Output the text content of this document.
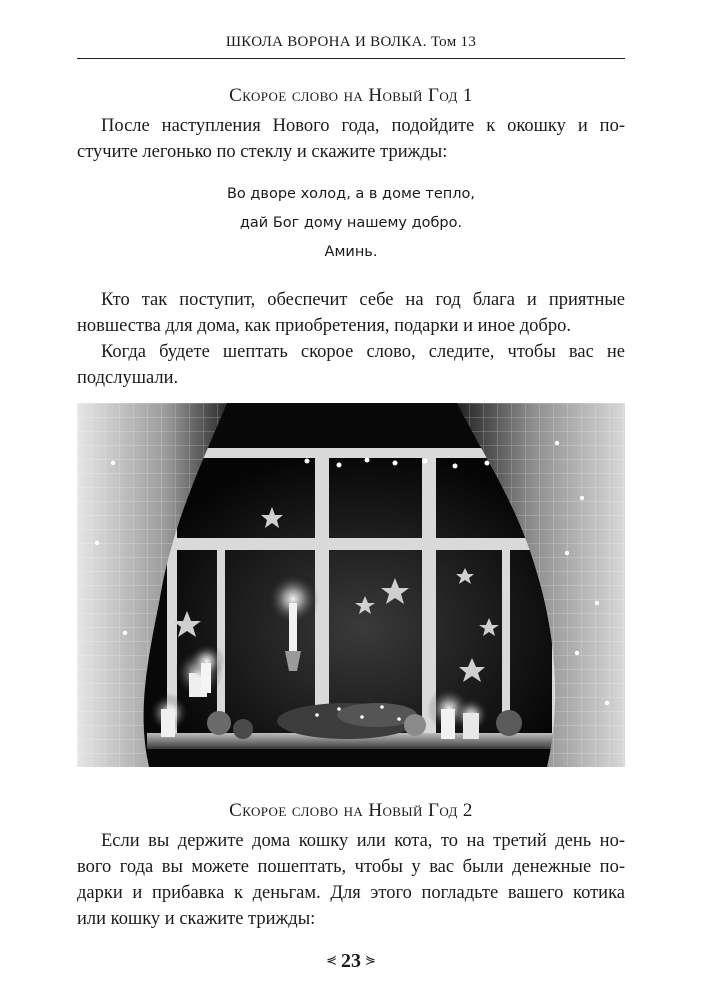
ШКОЛА ВОРОНА И ВОЛКА. Том 13
Скорое слово на Новый Год 1

После наступления Нового года, подойдите к окошку и по-
стучите легонько по стеклу и скажите трижды:

Во дворе холод, а в доме тепло,
дай Бог дому нашему добро.
Аминь.

Кто так поступит, обеспечит себе на год блага и приятные
новшества для дома, как приобретения, подарки и иное добро.

Когда будете шептать скорое слово, следите, чтобы вас не
подслушали.

Скорое слово на Новый Год 2

Если вы держите дома кошку или кота, то на третий день но-
вого года вы можете пошептать, чтобы у вас были денежные по-
дарки и прибавка к деньгам. Для этого погладьте вашего котика
или кошку и скажите трижды:

⋞ 23 ⋟
